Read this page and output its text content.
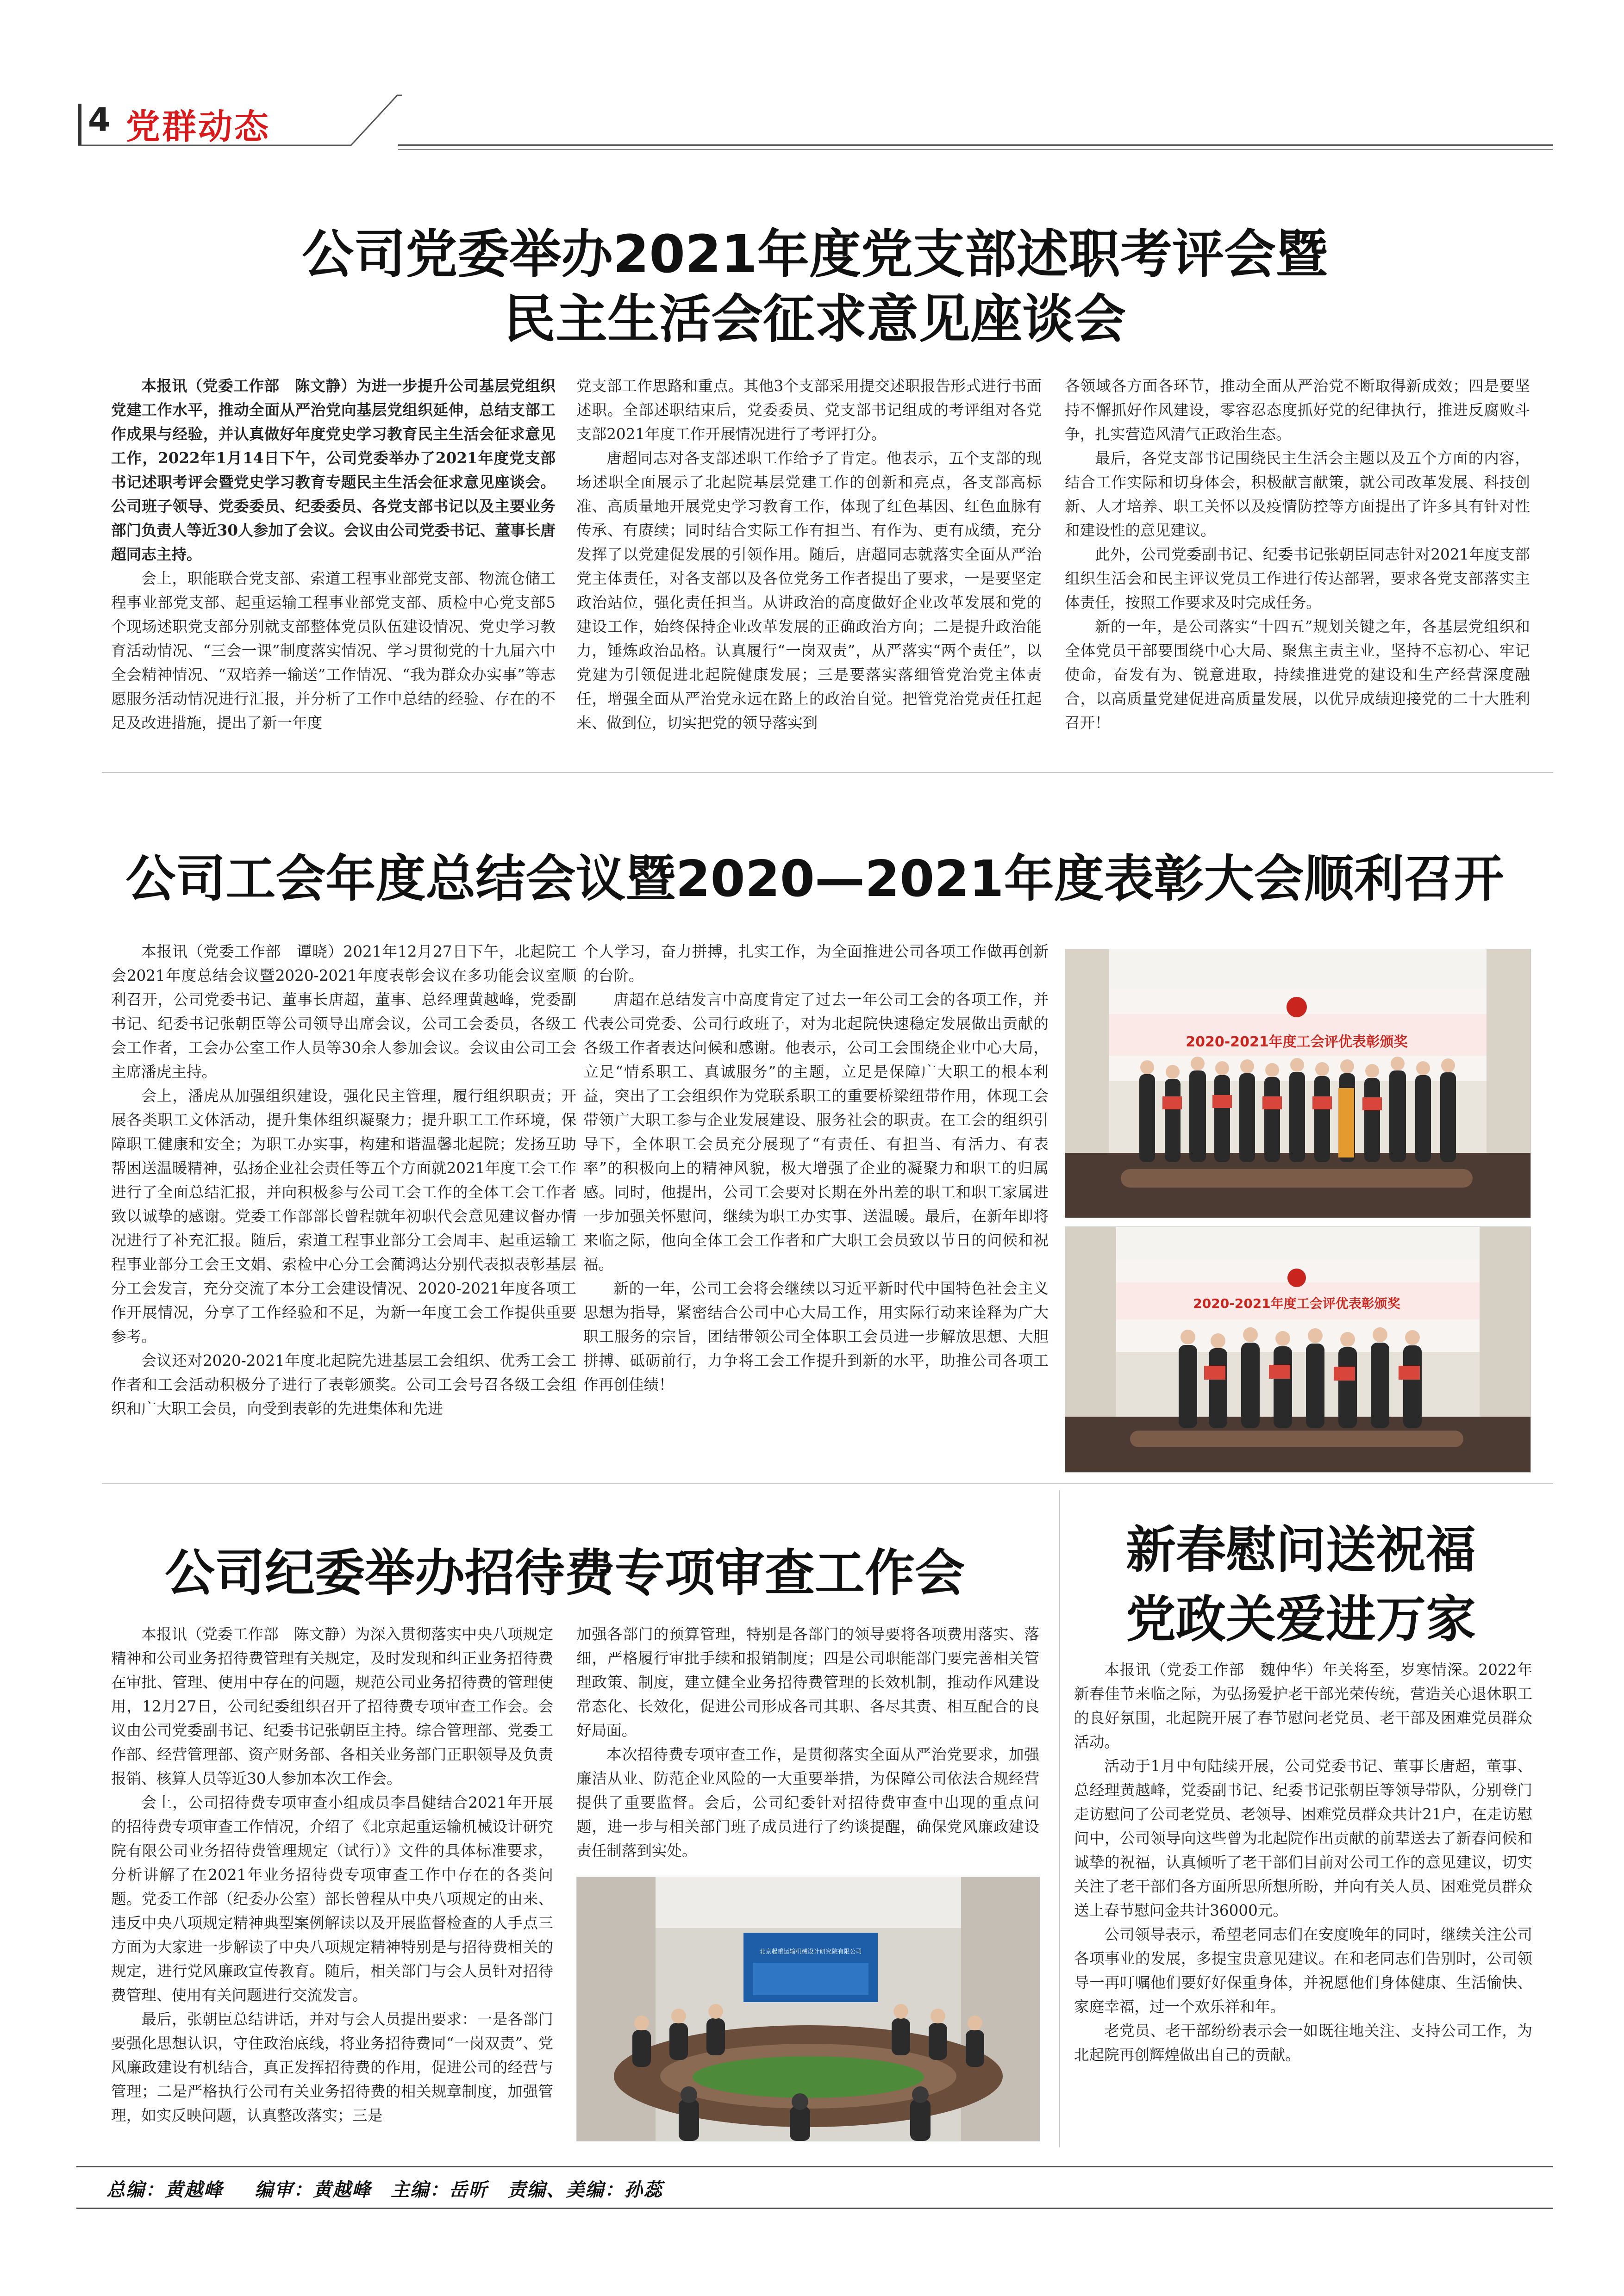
4 党群动态
公司党委举办2021年度党支部述职考评会暨
民主生活会征求意见座谈会

本报讯（党委工作部　陈文静）为进一步提升公司基层党组织党建工作水平，推动全面从严治党向基层党组织延伸，总结支部工作成果与经验，并认真做好年度党史学习教育民主生活会征求意见工作，2022年1月14日下午，公司党委举办了2021年度党支部书记述职考评会暨党史学习教育专题民主生活会征求意见座谈会。公司班子领导、党委委员、纪委委员、各党支部书记以及主要业务部门负责人等近30人参加了会议。会议由公司党委书记、董事长唐超同志主持。

会上，职能联合党支部、索道工程事业部党支部、物流仓储工程事业部党支部、起重运输工程事业部党支部、质检中心党支部5个现场述职党支部分别就支部整体党员队伍建设情况、党史学习教育活动情况、“三会一课”制度落实情况、学习贯彻党的十九届六中全会精神情况、“双培养一输送”工作情况、“我为群众办实事”等志愿服务活动情况进行汇报，并分析了工作中总结的经验、存在的不足及改进措施，提出了新一年度

党支部工作思路和重点。其他3个支部采用提交述职报告形式进行书面述职。全部述职结束后，党委委员、党支部书记组成的考评组对各党支部2021年度工作开展情况进行了考评打分。

唐超同志对各支部述职工作给予了肯定。他表示，五个支部的现场述职全面展示了北起院基层党建工作的创新和亮点，各支部高标准、高质量地开展党史学习教育工作，体现了红色基因、红色血脉有传承、有赓续；同时结合实际工作有担当、有作为、更有成绩，充分发挥了以党建促发展的引领作用。随后，唐超同志就落实全面从严治党主体责任，对各支部以及各位党务工作者提出了要求，一是要坚定政治站位，强化责任担当。从讲政治的高度做好企业改革发展和党的建设工作，始终保持企业改革发展的正确政治方向；二是提升政治能力，锤炼政治品格。认真履行“一岗双责”，从严落实“两个责任”，以党建为引领促进北起院健康发展；三是要落实落细管党治党主体责任，增强全面从严治党永远在路上的政治自觉。把管党治党责任扛起来、做到位，切实把党的领导落实到

各领域各方面各环节，推动全面从严治党不断取得新成效；四是要坚持不懈抓好作风建设，零容忍态度抓好党的纪律执行，推进反腐败斗争，扎实营造风清气正政治生态。

最后，各党支部书记围绕民主生活会主题以及五个方面的内容，结合工作实际和切身体会，积极献言献策，就公司改革发展、科技创新、人才培养、职工关怀以及疫情防控等方面提出了许多具有针对性和建设性的意见建议。

此外，公司党委副书记、纪委书记张朝臣同志针对2021年度支部组织生活会和民主评议党员工作进行传达部署，要求各党支部落实主体责任，按照工作要求及时完成任务。

新的一年，是公司落实“十四五”规划关键之年，各基层党组织和全体党员干部要围绕中心大局、聚焦主责主业，坚持不忘初心、牢记使命，奋发有为、锐意进取，持续推进党的建设和生产经营深度融合，以高质量党建促进高质量发展，以优异成绩迎接党的二十大胜利召开！

公司工会年度总结会议暨2020—2021年度表彰大会顺利召开

本报讯（党委工作部　谭晓）2021年12月27日下午，北起院工会2021年度总结会议暨2020-2021年度表彰会议在多功能会议室顺利召开，公司党委书记、董事长唐超，董事、总经理黄越峰，党委副书记、纪委书记张朝臣等公司领导出席会议，公司工会委员，各级工会工作者，工会办公室工作人员等30余人参加会议。会议由公司工会主席潘虎主持。

会上，潘虎从加强组织建设，强化民主管理，履行组织职责；开展各类职工文体活动，提升集体组织凝聚力；提升职工工作环境，保障职工健康和安全；为职工办实事，构建和谐温馨北起院；发扬互助帮困送温暖精神，弘扬企业社会责任等五个方面就2021年度工会工作进行了全面总结汇报，并向积极参与公司工会工作的全体工会工作者致以诚挚的感谢。党委工作部部长曾程就年初职代会意见建议督办情况进行了补充汇报。随后，索道工程事业部分工会周丰、起重运输工程事业部分工会王文娟、索检中心分工会蔺鸿达分别代表拟表彰基层分工会发言，充分交流了本分工会建设情况、2020-2021年度各项工作开展情况，分享了工作经验和不足，为新一年度工会工作提供重要参考。

会议还对2020-2021年度北起院先进基层工会组织、优秀工会工作者和工会活动积极分子进行了表彰颁奖。公司工会号召各级工会组织和广大职工会员，向受到表彰的先进集体和先进

个人学习，奋力拼搏，扎实工作，为全面推进公司各项工作做再创新的台阶。

唐超在总结发言中高度肯定了过去一年公司工会的各项工作，并代表公司党委、公司行政班子，对为北起院快速稳定发展做出贡献的各级工作者表达问候和感谢。他表示，公司工会围绕企业中心大局，立足“情系职工、真诚服务”的主题，立足是保障广大职工的根本利益，突出了工会组织作为党联系职工的重要桥梁纽带作用，体现工会带领广大职工参与企业发展建设、服务社会的职责。在工会的组织引导下，全体职工会员充分展现了“有责任、有担当、有活力、有表率”的积极向上的精神风貌，极大增强了企业的凝聚力和职工的归属感。同时，他提出，公司工会要对长期在外出差的职工和职工家属进一步加强关怀慰问，继续为职工办实事、送温暖。最后，在新年即将来临之际，他向全体工会工作者和广大职工会员致以节日的问候和祝福。

新的一年，公司工会将会继续以习近平新时代中国特色社会主义思想为指导，紧密结合公司中心大局工作，用实际行动来诠释为广大职工服务的宗旨，团结带领公司全体职工会员进一步解放思想、大胆拼搏、砥砺前行，力争将工会工作提升到新的水平，助推公司各项工作再创佳绩！

2020-2021年度工会评优表彰颁奖
2020-2021年度工会评优表彰颁奖
公司纪委举办招待费专项审查工作会

本报讯（党委工作部　陈文静）为深入贯彻落实中央八项规定精神和公司业务招待费管理有关规定，及时发现和纠正业务招待费在审批、管理、使用中存在的问题，规范公司业务招待费的管理使用，12月27日，公司纪委组织召开了招待费专项审查工作会。会议由公司党委副书记、纪委书记张朝臣主持。综合管理部、党委工作部、经营管理部、资产财务部、各相关业务部门正职领导及负责报销、核算人员等近30人参加本次工作会。

会上，公司招待费专项审查小组成员李昌健结合2021年开展的招待费专项审查工作情况，介绍了《北京起重运输机械设计研究院有限公司业务招待费管理规定（试行）》文件的具体标准要求，分析讲解了在2021年业务招待费专项审查工作中存在的各类问题。党委工作部（纪委办公室）部长曾程从中央八项规定的由来、违反中央八项规定精神典型案例解读以及开展监督检查的人手点三方面为大家进一步解读了中央八项规定精神特别是与招待费相关的规定，进行党风廉政宣传教育。随后，相关部门与会人员针对招待费管理、使用有关问题进行交流发言。

最后，张朝臣总结讲话，并对与会人员提出要求：一是各部门要强化思想认识，守住政治底线，将业务招待费同“一岗双责”、党风廉政建设有机结合，真正发挥招待费的作用，促进公司的经营与管理；二是严格执行公司有关业务招待费的相关规章制度，加强管理，如实反映问题，认真整改落实；三是

加强各部门的预算管理，特别是各部门的领导要将各项费用落实、落细，严格履行审批手续和报销制度；四是公司职能部门要完善相关管理政策、制度，建立健全业务招待费管理的长效机制，推动作风建设常态化、长效化，促进公司形成各司其职、各尽其责、相互配合的良好局面。

本次招待费专项审查工作，是贯彻落实全面从严治党要求，加强廉洁从业、防范企业风险的一大重要举措，为保障公司依法合规经营提供了重要监督。会后，公司纪委针对招待费审查中出现的重点问题，进一步与相关部门班子成员进行了约谈提醒，确保党风廉政建设责任制落到实处。

北京起重运输机械设计研究院有限公司
新春慰问送祝福
党政关爱进万家

本报讯（党委工作部　魏仲华）年关将至，岁寒情深。2022年新春佳节来临之际，为弘扬爱护老干部光荣传统，营造关心退休职工的良好氛围，北起院开展了春节慰问老党员、老干部及困难党员群众活动。

活动于1月中旬陆续开展，公司党委书记、董事长唐超，董事、总经理黄越峰，党委副书记、纪委书记张朝臣等领导带队，分别登门走访慰问了公司老党员、老领导、困难党员群众共计21户，在走访慰问中，公司领导向这些曾为北起院作出贡献的前辈送去了新春问候和诚挚的祝福，认真倾听了老干部们目前对公司工作的意见建议，切实关注了老干部们各方面所思所想所盼，并向有关人员、困难党员群众送上春节慰问金共计36000元。

公司领导表示，希望老同志们在安度晚年的同时，继续关注公司各项事业的发展，多提宝贵意见建议。在和老同志们告别时，公司领导一再叮嘱他们要好好保重身体，并祝愿他们身体健康、生活愉快、家庭幸福，过一个欢乐祥和年。

老党员、老干部纷纷表示会一如既往地关注、支持公司工作，为北起院再创辉煌做出自己的贡献。

总编：黄越峰　 编审：黄越峰　主编：岳昕　责编、美编：孙蕊
